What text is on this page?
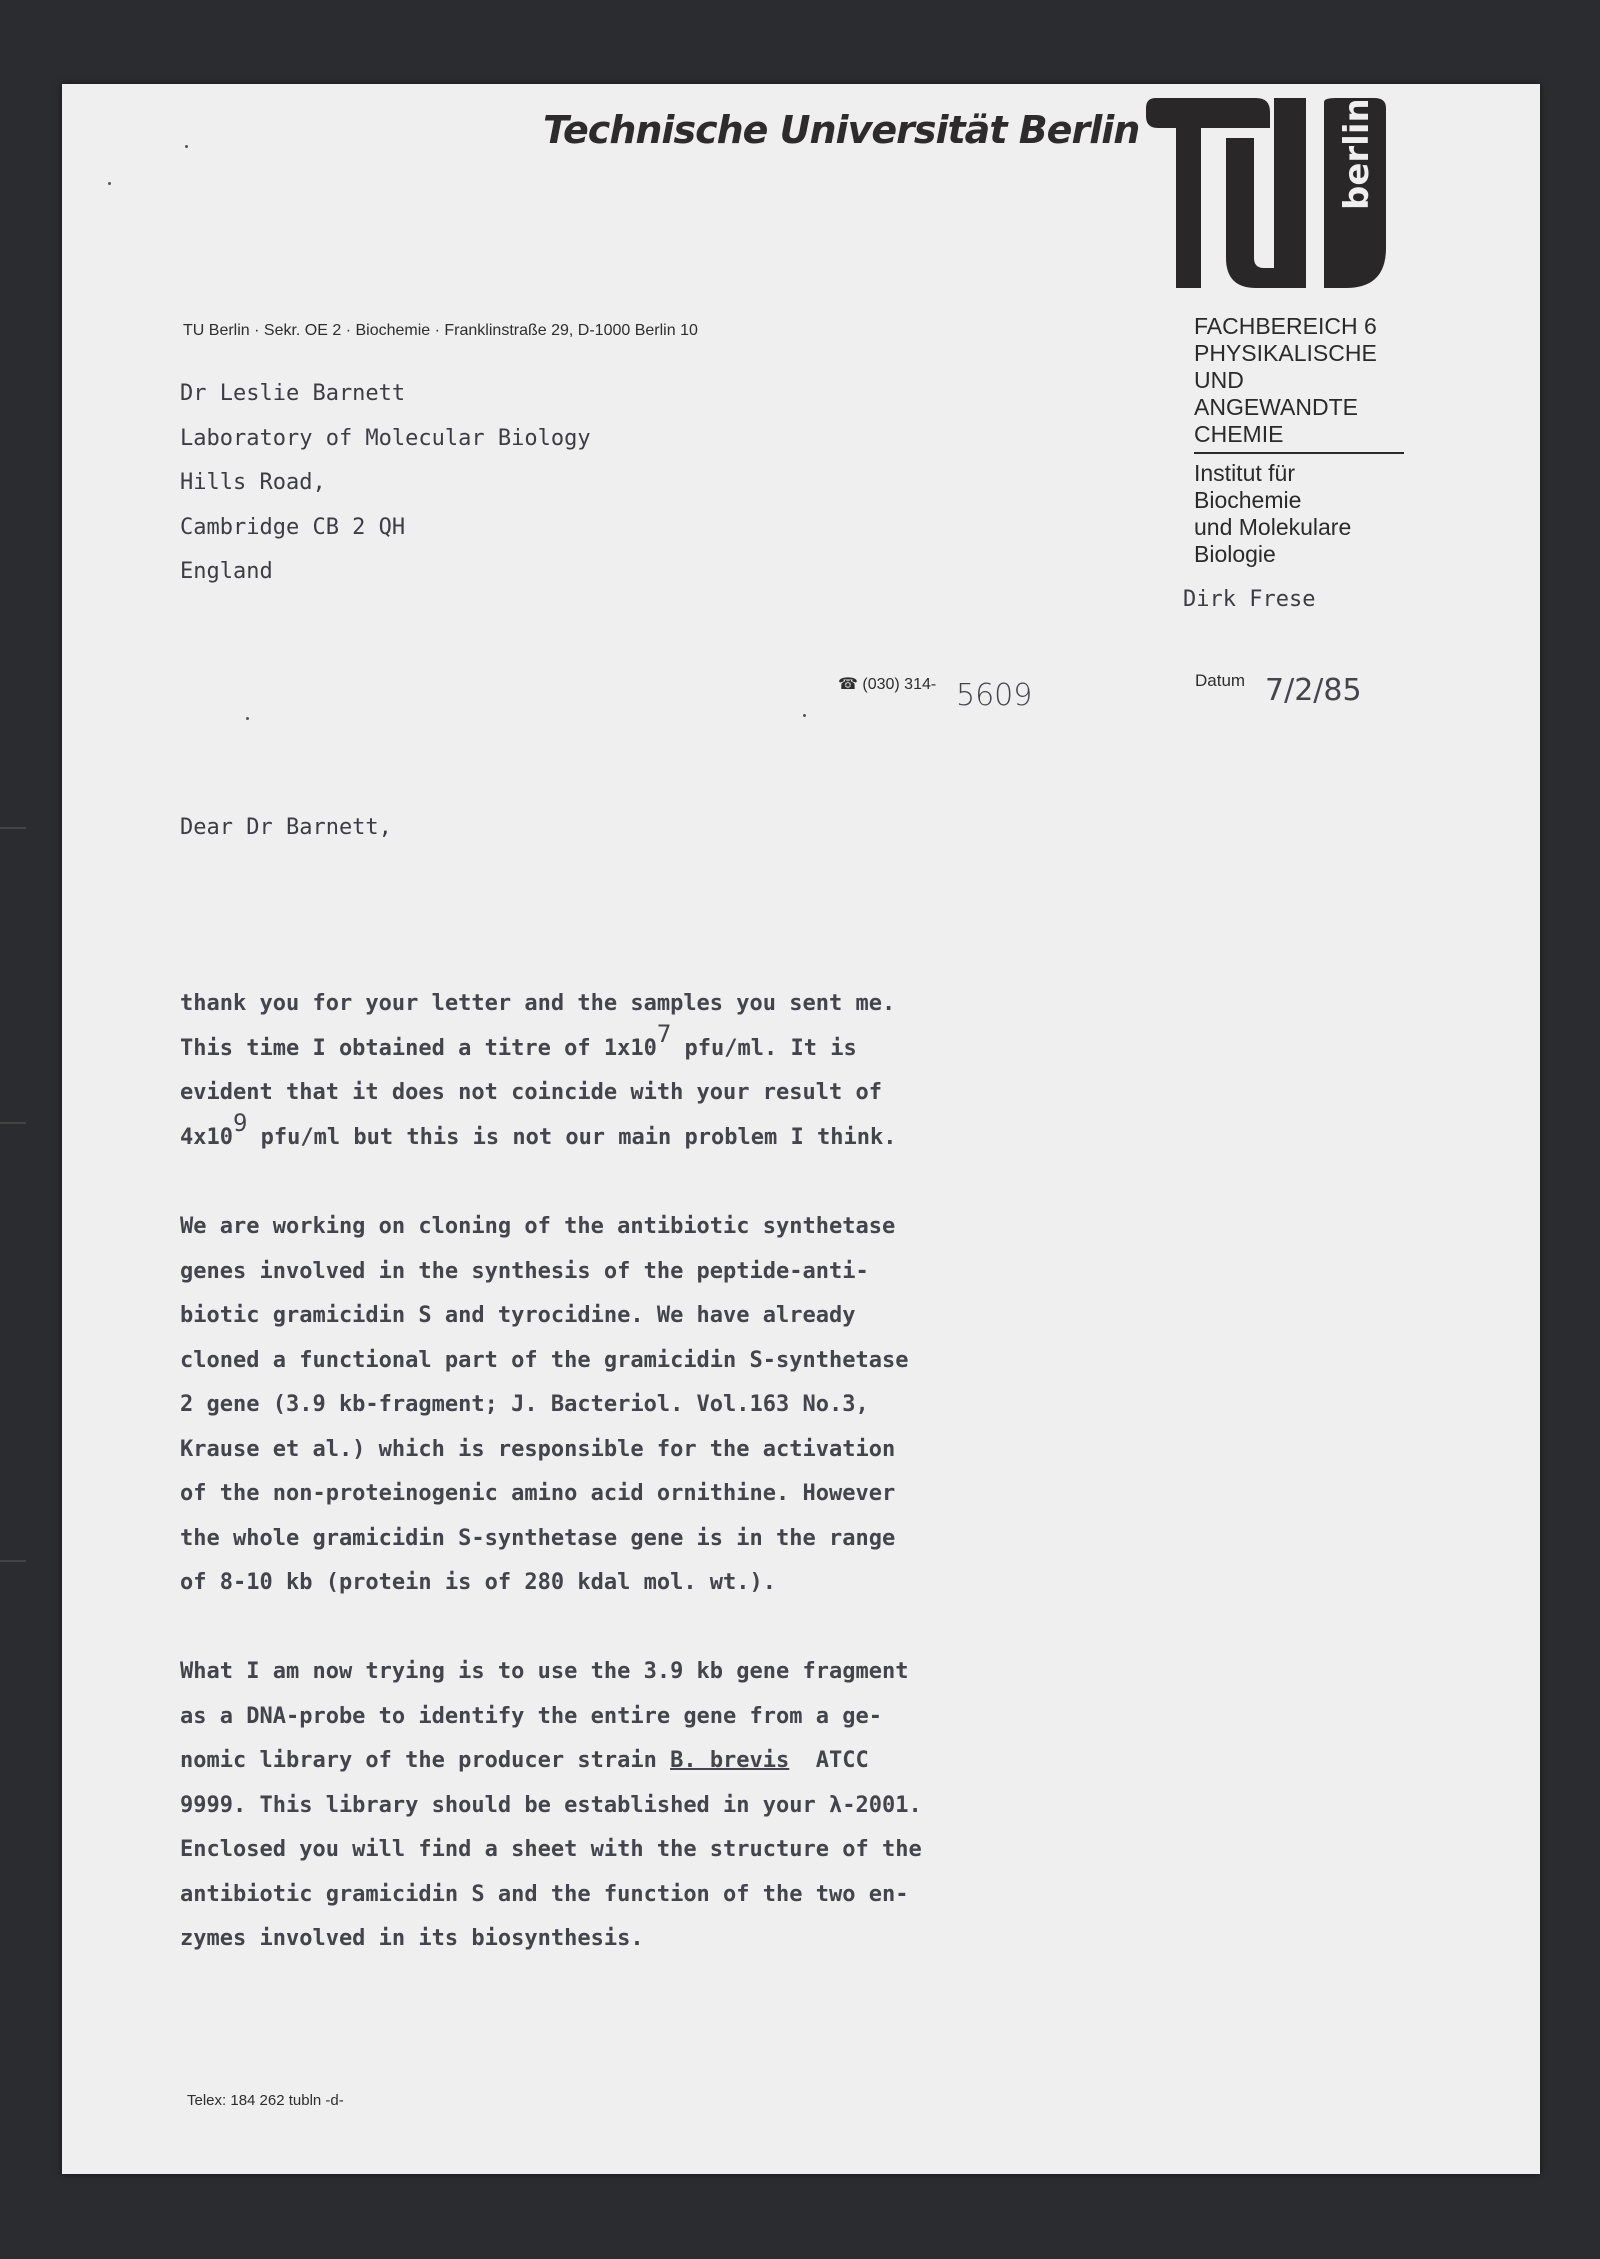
Technische Universität Berlin	berlin
TU Berlin · Sekr. OE 2 · Biochemie · Franklinstraße 29, D-1000 Berlin 10	FACHBEREICH 6
PHYSIKALISCHE
UND
ANGEWANDTE
CHEMIE
Institut für
Biochemie
und Molekulare
Biologie
Dr Leslie Barnett
Laboratory of Molecular Biology
Hills Road,
Cambridge CB 2 QH
England
Dirk Frese
☎ (030) 314- 5609	Datum 7/2/85
Dear Dr Barnett,
thank you for your letter and the samples you sent me.
This time I obtained a titre of $1x10^7$ pfu/ml. It is
evident that it does not coincide with your result of
$4x10^9$ pfu/ml but this is not our main problem I think.
We are working on cloning of the antibiotic synthetase
genes involved in the synthesis of the peptide-anti-
biotic gramicidin S and tyrocidine. We have already
cloned a functional part of the gramicidin S-synthetase
2 gene (3.9 kb-fragment; J. Bacteriol. Vol.163 No.3,
Krause et al.) which is responsible for the activation
of the non-proteinogenic amino acid ornithine. However
the whole gramicidin S-synthetase gene is in the range
of 8-10 kb (protein is of 280 kdal mol. wt.).
What I am now trying is to use the 3.9 kb gene fragment
as a DNA-probe to identify the entire gene from a ge-
nomic library of the producer strain B. brevis  ATCC
9999. This library should be established in your λ-2001.
Enclosed you will find a sheet with the structure of the
antibiotic gramicidin S and the function of the two en-
zymes involved in its biosynthesis.
Telex: 184 262 tubln -d-
